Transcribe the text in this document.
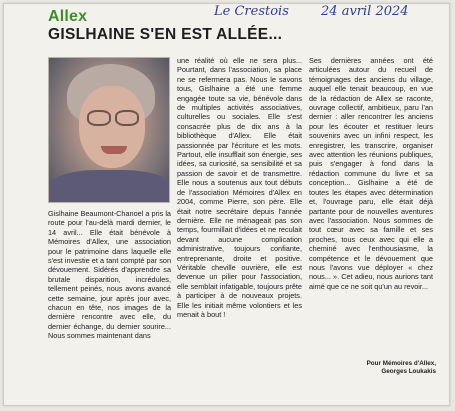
Allex	Le Crestois 24 avril 2024
GISLHAINE S'EN EST ALLÉE...

Gislhaine Beaumont-Chanoel a pris la route pour l'au-delà mardi dernier, le 14 avril... Elle était bénévole à Mémoires d'Allex, une association pour le patrimoine dans laquelle elle s'est investie et a tant compté par son dévouement. Sidérés d'apprendre sa brutale disparition, incrédules, tellement peinés, nous avons avancé cette semaine, jour après jour avec, chacun en tête, nos images de la dernière rencontre avec elle, du dernier échange, du dernier sourire... Nous sommes maintenant dans

une réalité où elle ne sera plus... Pourtant, dans l'association, sa place ne se refermera pas. Nous le savons tous, Gislhaine a été une femme engagée toute sa vie, bénévole dans de multiples activités associatives, culturelles ou sociales. Elle s'est consacrée plus de dix ans à la bibliothèque d'Allex. Elle était passionnée par l'écriture et les mots. Partout, elle insufflait son énergie, ses idées, sa curiosité, sa sensibilité et sa passion de savoir et de transmettre. Elle nous a soutenus aux tout débuts de l'association Mémoires d'Allex en 2004, comme Pierre, son père. Elle était notre secrétaire depuis l'année dernière. Elle ne ménageait pas son temps, fourmillait d'idées et ne reculait devant aucune complication administrative, toujours confiante, entreprenante, droite et positive. Véritable cheville ouvrière, elle est devenue un pilier pour l'association, elle semblait infatigable, toujours prête à participer à de nouveaux projets. Elle les initiait même volontiers et les menait à bout !

Ses dernières années ont été articulées autour du recueil de témoignages des anciens du village, auquel elle tenait beaucoup, en vue de la rédaction de Allex se raconte, ouvrage collectif, ambitieux, paru l'an dernier : aller rencontrer les anciens pour les écouter et restituer leurs souvenirs avec un infini respect, les enregistrer, les transcrire, organiser avec attention les réunions publiques, puis s'engager à fond dans la rédaction commune du livre et sa conception... Gislhaine a été de toutes les étapes avec détermination et, l'ouvrage paru, elle était déjà partante pour de nouvelles aventures avec l'association. Nous sommes de tout cœur avec sa famille et ses proches, tous ceux avec qui elle a cheminé avec l'enthousiasme, la compétence et le dévouement que nous l'avons vue déployer « chez nous... ». Cet adieu, nous aurions tant aimé que ce ne soit qu'un au revoir...

Pour Mémoires d'Allex,
Georges Loukakis
